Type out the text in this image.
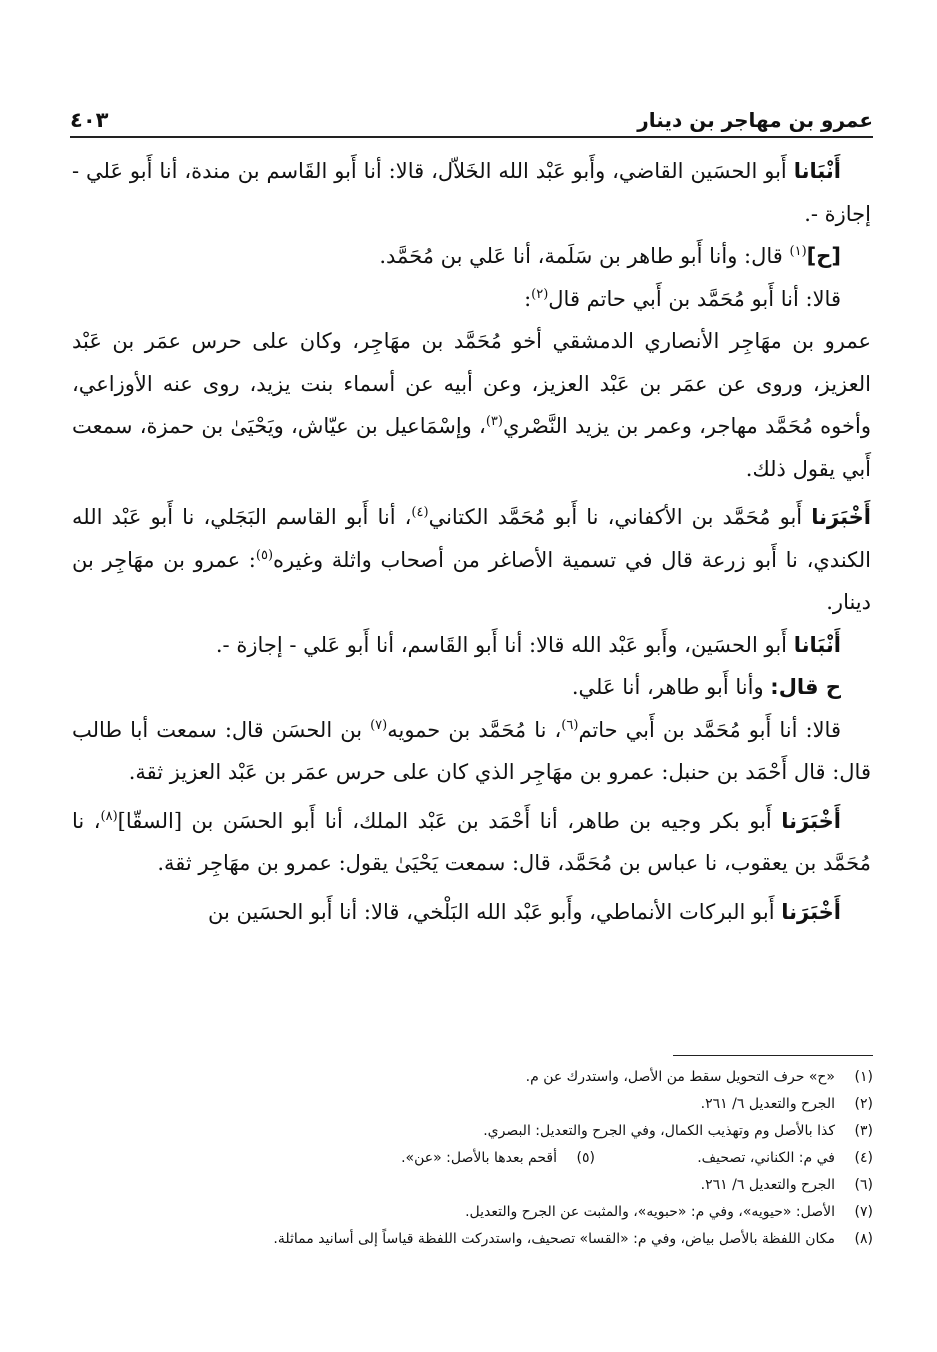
عمرو بن مهاجر بن دينار
٤٠٣

أَنْبَانا أَبو الحسَين القاضي، وأَبو عَبْد الله الخَلاّل، قالا: أنا أَبو القَاسم بن مندة، أنا أَبو عَلي - إجازة -.

[ح]$^{(١)}$ قال: وأنا أَبو طاهر بن سَلَمة، أنا عَلي بن مُحَمَّد.

قالا: أنا أَبو مُحَمَّد بن أَبي حاتم قال$^{(٢)}$:

عمرو بن مهَاجِر الأنصاري الدمشقي أخو مُحَمَّد بن مهَاجِر، وكان على حرس عمَر بن عَبْد العزيز، وروى عن عمَر بن عَبْد العزيز، وعن أبيه عن أسماء بنت يزيد، روى عنه الأوزاعي، وأخوه مُحَمَّد مهاجر، وعمر بن يزيد النَّصْري$^{(٣)}$، وإسْمَاعيل بن عيّاش، ويَحْيَىٰ بن حمزة، سمعت أَبي يقول ذلك.

أَخْبَرَنا أَبو مُحَمَّد بن الأكفاني، نا أَبو مُحَمَّد الكتاني$^{(٤)}$، أنا أَبو القاسم البَجَلي، نا أَبو عَبْد الله الكندي، نا أَبو زرعة قال في تسمية الأصاغر من أصحاب واثلة وغيره$^{(٥)}$: عمرو بن مهَاجِر بن دينار.

أَنْبَانا أَبو الحسَين، وأَبو عَبْد الله قالا: أنا أَبو القَاسم، أنا أَبو عَلي - إجازة -.

ح قال: وأنا أَبو طاهر، أنا عَلي.

قالا: أنا أَبو مُحَمَّد بن أَبي حاتم$^{(٦)}$، نا مُحَمَّد بن حمويه$^{(٧)}$ بن الحسَن قال: سمعت أبا طالب قال: قال أَحْمَد بن حنبل: عمرو بن مهَاجِر الذي كان على حرس عمَر بن عَبْد العزيز ثقة.

أَخْبَرَنا أَبو بكر وجيه بن طاهر، أنا أَحْمَد بن عَبْد الملك، أنا أَبو الحسَن بن [السقّا]$^{(٨)}$، نا مُحَمَّد بن يعقوب، نا عباس بن مُحَمَّد، قال: سمعت يَحْيَىٰ يقول: عمرو بن مهَاجِر ثقة.

أَخْبَرَنا أَبو البركات الأنماطي، وأَبو عَبْد الله البَلْخي، قالا: أنا أَبو الحسَين بن

(١)
«ح» حرف التحويل سقط من الأصل، واستدرك عن م.
(٢)
الجرح والتعديل ٦/ ٢٦١.
(٣)
كذا بالأصل وم وتهذيب الكمال، وفي الجرح والتعديل: البصري.
(٤)
في م: الكناني، تصحيف.
(٥)
أقحم بعدها بالأصل: «عن».
(٦)
الجرح والتعديل ٦/ ٢٦١.
(٧)
الأصل: «حيويه»، وفي م: «حبويه»، والمثبت عن الجرح والتعديل.
(٨)
مكان اللفظة بالأصل بياض، وفي م: «القسا» تصحيف، واستدركت اللفظة قياساً إلى أسانيد مماثلة.
